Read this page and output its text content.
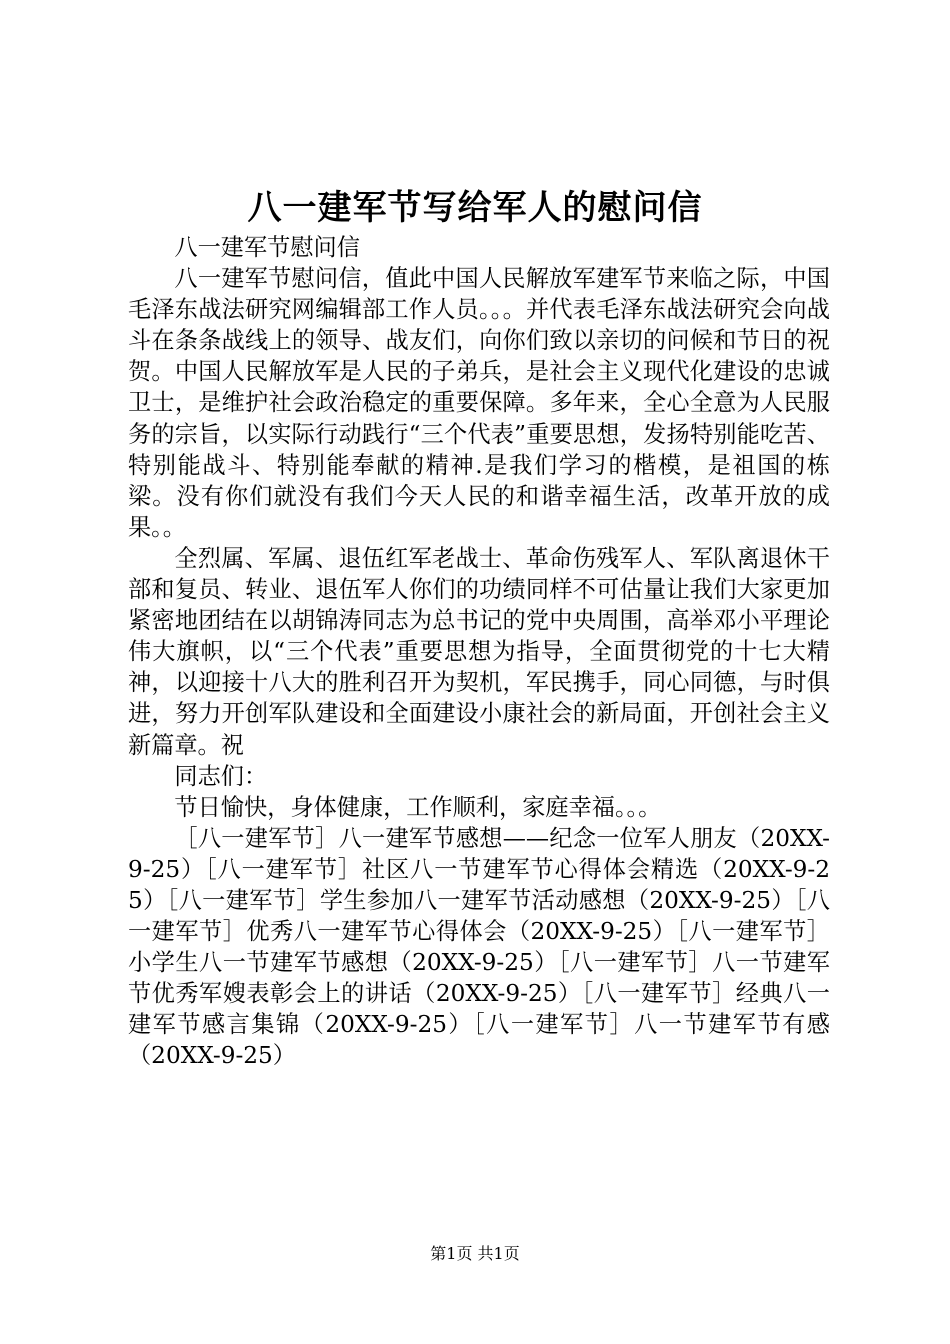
八一建军节写给军人的慰问信

八一建军节慰问信

八一建军节慰问信，值此中国人民解放军建军节来临之际，中国毛泽东战法研究网编辑部工作人员。。。并代表毛泽东战法研究会向战斗在条条战线上的领导、战友们，向你们致以亲切的问候和节日的祝贺。中国人民解放军是人民的子弟兵，是社会主义现代化建设的忠诚卫士，是维护社会政治稳定的重要保障。多年来，全心全意为人民服务的宗旨，以实际行动践行“三个代表”重要思想，发扬特别能吃苦、特别能战斗、特别能奉献的精神.是我们学习的楷模，是祖国的栋梁。没有你们就没有我们今天人民的和谐幸福生活，改革开放的成果。。

全烈属、军属、退伍红军老战士、革命伤残军人、军队离退休干部和复员、转业、退伍军人你们的功绩同样不可估量让我们大家更加紧密地团结在以胡锦涛同志为总书记的党中央周围，高举邓小平理论伟大旗帜，以“三个代表”重要思想为指导，全面贯彻党的十七大精神，以迎接十八大的胜利召开为契机，军民携手，同心同德，与时俱进，努力开创军队建设和全面建设小康社会的新局面，开创社会主义新篇章。祝

同志们：

节日愉快，身体健康，工作顺利，家庭幸福。。。

［八一建军节］八一建军节感想——纪念一位军人朋友（20XX-9-25）［八一建军节］社区八一节建军节心得体会精选（20XX-9-25）［八一建军节］学生参加八一建军节活动感想（20XX-9-25）［八一建军节］优秀八一建军节心得体会（20XX-9-25）［八一建军节］小学生八一节建军节感想（20XX-9-25）［八一建军节］八一节建军节优秀军嫂表彰会上的讲话（20XX-9-25）［八一建军节］经典八一建军节感言集锦（20XX-9-25）［八一建军节］八一节建军节有感（20XX-9-25）

第1页 共1页
